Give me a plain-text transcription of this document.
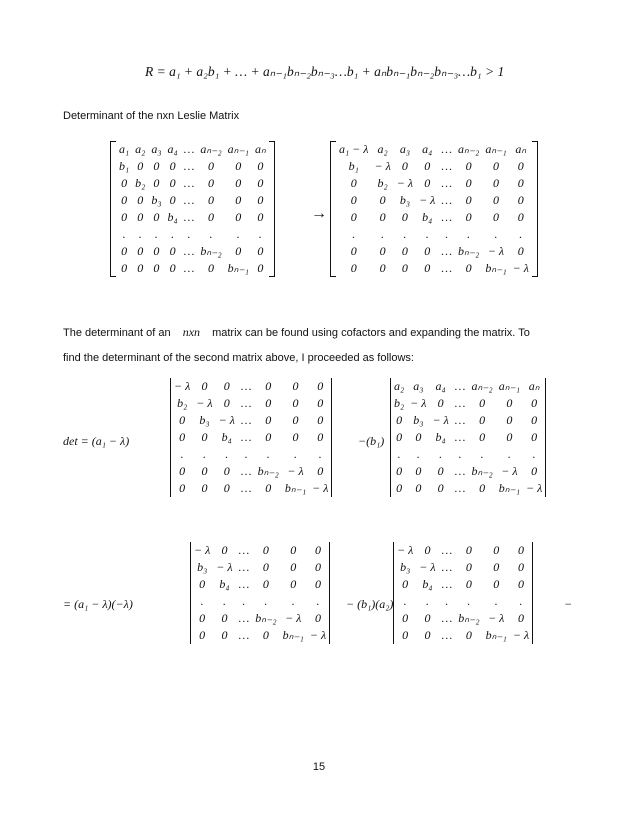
R = a₁ + a₂b₁ + … + aₙ₋₁bₙ₋₂bₙ₋₃…b₁ + aₙbₙ₋₁bₙ₋₂bₙ₋₃…b₁ > 1
Determinant of the nxn Leslie Matrix
a₁	a₂	a₃	a₄	…	aₙ₋₂	aₙ₋₁	aₙ
b₁	0	0	0	…	0	0	0
0	b₂	0	0	…	0	0	0
0	0	b₃	0	…	0	0	0
0	0	0	b₄	…	0	0	0
.	.	.	.	.	.	.	.
0	0	0	0	…	bₙ₋₂	0	0
0	0	0	0	…	0	bₙ₋₁	0
→
a₁ − λ	a₂	a₃	a₄	…	aₙ₋₂	aₙ₋₁	aₙ
b₁	− λ	0	0	…	0	0	0
0	b₂	− λ	0	…	0	0	0
0	0	b₃	− λ	…	0	0	0
0	0	0	b₄	…	0	0	0
.	.	.	.	.	.	.	.
0	0	0	0	…	bₙ₋₂	− λ	0
0	0	0	0	…	0	bₙ₋₁	− λ
The determinant of an nxn matrix can be found using cofactors and expanding the matrix. To
find the determinant of the second matrix above, I proceeded as follows:
det = (a₁ − λ)
− λ	0	0	…	0	0	0
b₂	− λ	0	…	0	0	0
0	b₃	− λ	…	0	0	0
0	0	b₄	…	0	0	0
.	.	.	.	.	.	.
0	0	0	…	bₙ₋₂	− λ	0
0	0	0	…	0	bₙ₋₁	− λ
−(b₁)
a₂	a₃	a₄	…	aₙ₋₂	aₙ₋₁	aₙ
b₂	− λ	0	…	0	0	0
0	b₃	− λ	…	0	0	0
0	0	b₄	…	0	0	0
.	.	.	.	.	.	.
0	0	0	…	bₙ₋₂	− λ	0
0	0	0	…	0	bₙ₋₁	− λ
= (a₁ − λ)(−λ)
− λ	0	…	0	0	0
b₃	− λ	…	0	0	0
0	b₄	…	0	0	0
.	.	.	.	.	.
0	0	…	bₙ₋₂	− λ	0
0	0	…	0	bₙ₋₁	− λ
− (b₁)(a₂)
− λ	0	…	0	0	0
b₃	− λ	…	0	0	0
0	b₄	…	0	0	0
.	.	.	.	.	.
0	0	…	bₙ₋₂	− λ	0
0	0	…	0	bₙ₋₁	− λ
−
15
